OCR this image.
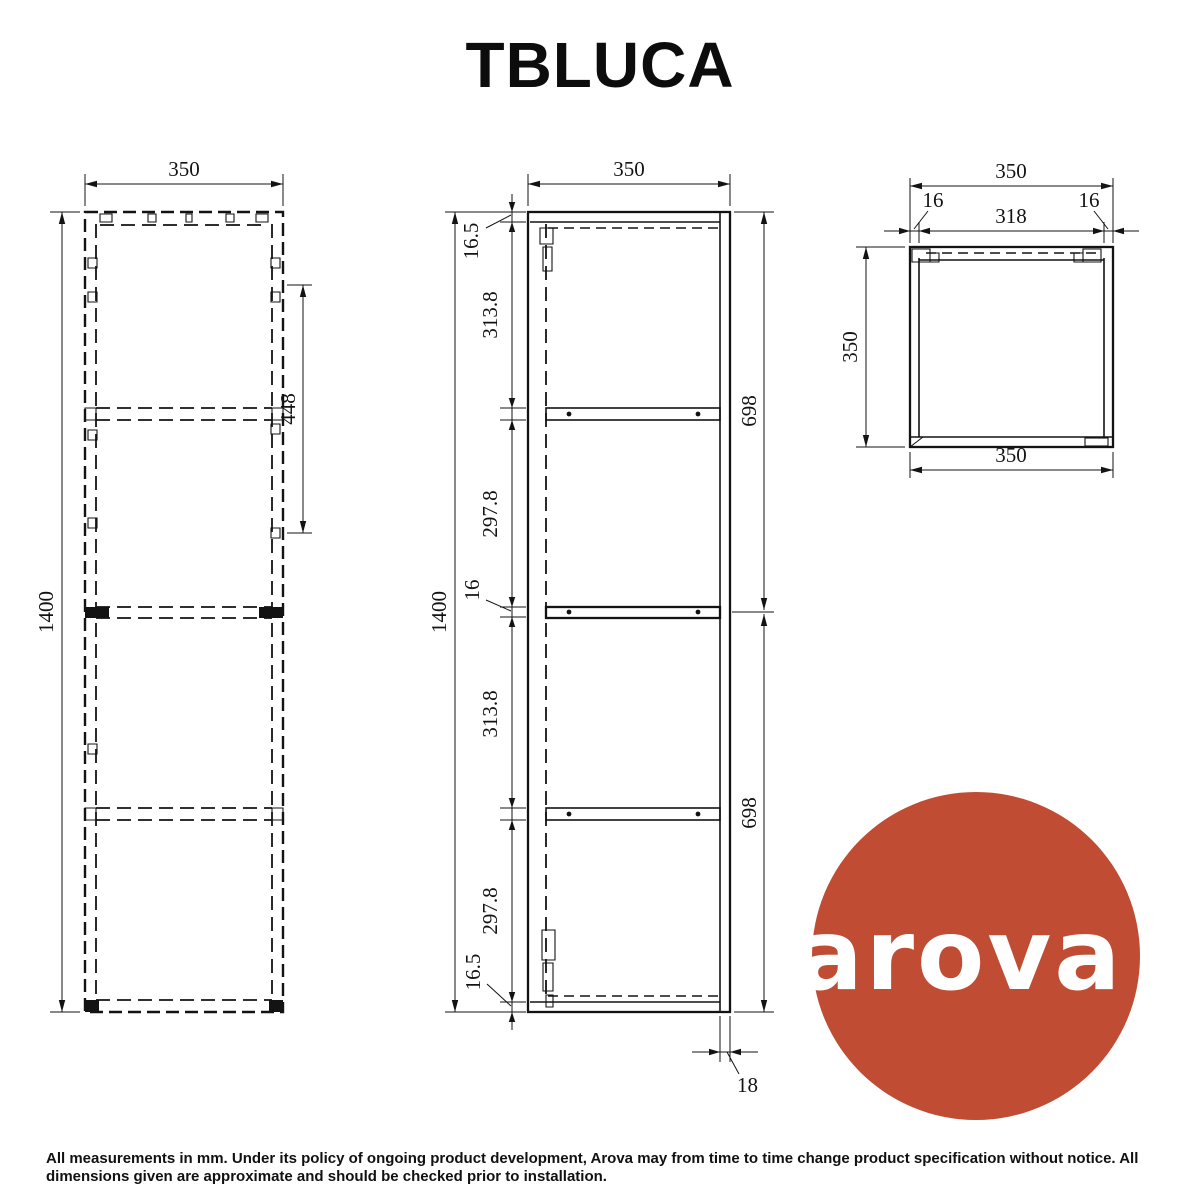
TBLUCA
350
1400
448
350
16.5
313.8
297.8
16
313.8
297.8
16.5
1400
698
698
18
350
16	16
318
350
350
arova
®

All measurements in mm. Under its policy of ongoing product development, Arova may from time to time change product specification without notice. All dimensions given are approximate and should be checked prior to installation.
